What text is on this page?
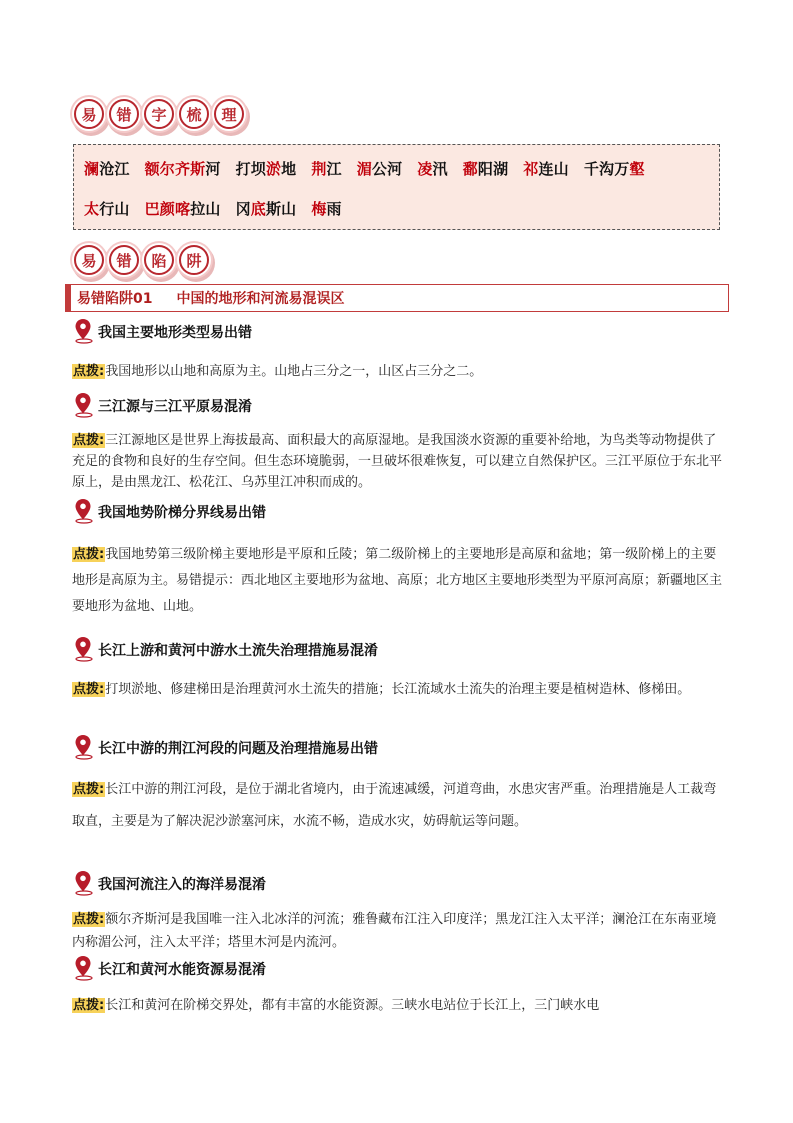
易	错	字	梳	理
澜沧江 额尔齐斯河 打坝淤地 荆江 湄公河 凌汛 鄱阳湖 祁连山 千沟万壑
太行山 巴颜喀拉山 冈底斯山 梅雨
易	错	陷	阱
易错陷阱01 中国的地形和河流易混误区
我国主要地形类型易出错
点拨:我国地形以山地和高原为主。山地占三分之一，山区占三分之二。
三江源与三江平原易混淆
点拨:三江源地区是世界上海拔最高、面积最大的高原湿地。是我国淡水资源的重要补给地，为鸟类等动物提供了充足的食物和良好的生存空间。但生态环境脆弱，一旦破坏很难恢复，可以建立自然保护区。三江平原位于东北平原上，是由黑龙江、松花江、乌苏里江冲积而成的。
我国地势阶梯分界线易出错
点拨:我国地势第三级阶梯主要地形是平原和丘陵；第二级阶梯上的主要地形是高原和盆地；第一级阶梯上的主要地形是高原为主。易错提示：西北地区主要地形为盆地、高原；北方地区主要地形类型为平原河高原；新疆地区主要地形为盆地、山地。
长江上游和黄河中游水土流失治理措施易混淆
点拨:打坝淤地、修建梯田是治理黄河水土流失的措施；长江流域水土流失的治理主要是植树造林、修梯田。
长江中游的荆江河段的问题及治理措施易出错
点拨:长江中游的荆江河段，是位于湖北省境内，由于流速减缓，河道弯曲，水患灾害严重。治理措施是人工裁弯取直，主要是为了解决泥沙淤塞河床，水流不畅，造成水灾，妨碍航运等问题。
我国河流注入的海洋易混淆
点拨:额尔齐斯河是我国唯一注入北冰洋的河流；雅鲁藏布江注入印度洋；黑龙江注入太平洋；澜沧江在东南亚境内称湄公河，注入太平洋；塔里木河是内流河。
长江和黄河水能资源易混淆
点拨:长江和黄河在阶梯交界处，都有丰富的水能资源。三峡水电站位于长江上，三门峡水电
